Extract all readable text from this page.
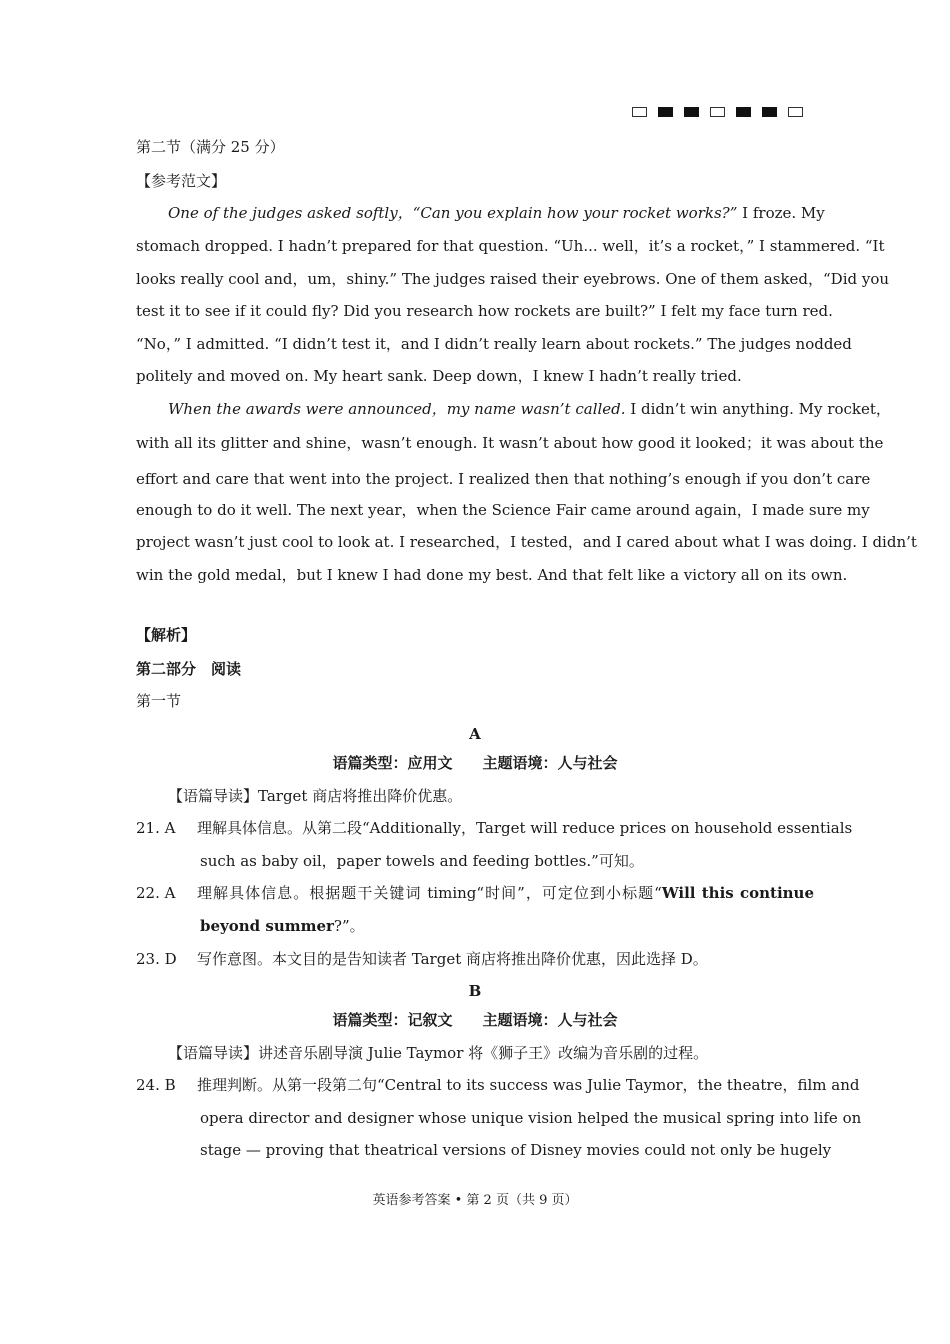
第二节（满分 25 分）
【参考范文】
One of the judges asked softly，“Can you explain how your rocket works?” I froze. My
stomach dropped. I hadn’t prepared for that question. “Uh... well，it’s a rocket，” I stammered. “It
looks really cool and，um，shiny.” The judges raised their eyebrows. One of them asked，“Did you
test it to see if it could fly? Did you research how rockets are built?” I felt my face turn red.
“No，” I admitted. “I didn’t test it，and I didn’t really learn about rockets.” The judges nodded
politely and moved on. My heart sank. Deep down，I knew I hadn’t really tried.
When the awards were announced，my name wasn’t called. I didn’t win anything. My rocket，
with all its glitter and shine，wasn’t enough. It wasn’t about how good it looked；it was about the
effort and care that went into the project. I realized then that nothing’s enough if you don’t care
enough to do it well. The next year，when the Science Fair came around again，I made sure my
project wasn’t just cool to look at. I researched，I tested，and I cared about what I was doing. I didn’t
win the gold medal，but I knew I had done my best. And that felt like a victory all on its own.
【解析】
第二部分　阅读
第一节
A
语篇类型：应用文　　主题语境：人与社会
【语篇导读】Target 商店将推出降价优惠。
21. A 理解具体信息。从第二段“Additionally，Target will reduce prices on household essentials
such as baby oil，paper towels and feeding bottles.”可知。
22. A 理解具体信息。根据题干关键词 timing“时间”，可定位到小标题“Will this continue
beyond summer?”。
23. D 写作意图。本文目的是告知读者 Target 商店将推出降价优惠，因此选择 D。
B
语篇类型：记叙文　　主题语境：人与社会
【语篇导读】讲述音乐剧导演 Julie Taymor 将《狮子王》改编为音乐剧的过程。
24. B 推理判断。从第一段第二句“Central to its success was Julie Taymor，the theatre，film and
opera director and designer whose unique vision helped the musical spring into life on
stage — proving that theatrical versions of Disney movies could not only be hugely
英语参考答案 • 第 2 页（共 9 页）
